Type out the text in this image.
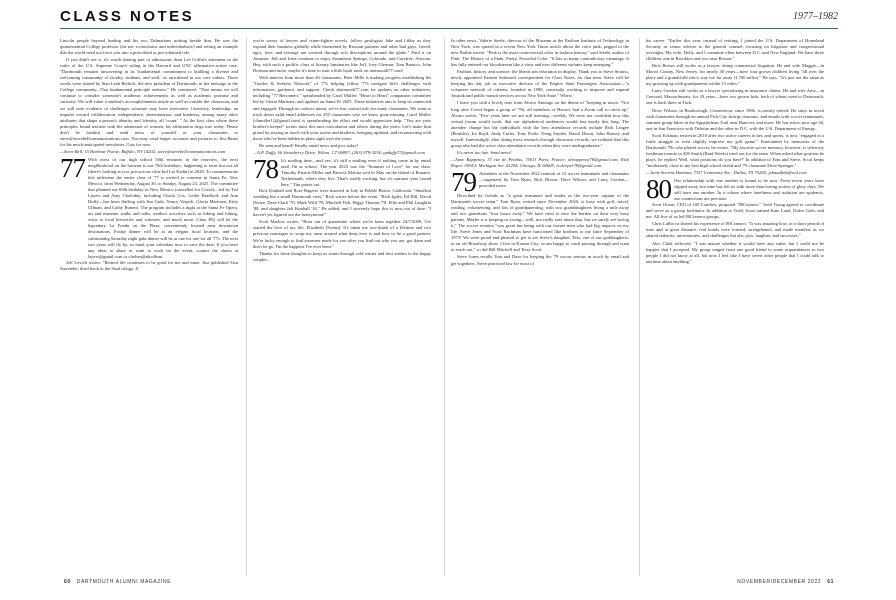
CLASS NOTES	1977–1982

Lincoln people beyond leading and his two Dalmatians trotting beside him. He was the quintessential College professor (for me: iconoclastic and individualistic) and setting an example that the world need not force you into a prescribed or pre-ordained role.

If you didn't see it, it's worth sharing part of admissions dean Lee Coffin's statement in the wake of the U.S. Supreme Court's ruling in the Harvard and UNC affirmative-action case: "Dartmouth remains unwavering in its 'fundamental commitment to building a diverse and welcoming community of faculty, students, and staff,' as articulated in our core values. Those words were shared by Sian Leah Beilock, the new president of Dartmouth, in her message to the College community...That fundamental principle endures." He continued: "That means we will continue to consider someone's academic achievements as well as academic promise and curiosity. We will value a student's accomplishments inside as well as outside the classroom, and we will note evidence of challenges someone may have overcome. Creativity, leadership, an impulse toward collaboration, independence, determination, and kindness, among many other attributes that shape a person's identity and 'identity, all 'count.' " As the first class where these principles found traction with the admission of women, his affirmation rings true today. Please don't be bashful and send news of yourself or your classmates to steve@stevebellcommunications.com. You may send longer accounts and pictures to Jim Barns for his much-anticipated newsletter. Ciao for now.

—Steve Bell, 15 Harbour Pointe, Buffalo, NY 14202; steve@stevebellcommunications.com

77 With most of our high school 50th reunions in the rearview, the next neighborhood on the horizon is our 70th birthdays, happening to most but not all (there's looking at you, precocious whiz kid Liz Kadin) in 2028. To commemorate this milestone the entire class of '77 is invited to convene in Santa Fe, New Mexico, from Wednesday, August 30, to Sunday, August 24, 2025. The committee that planned our 69th birthday in New Mexico (cancelled for Covid)—led by Ted Layers and Amy Cholodny, including Chuck Cox, Leslie Bradford, and Ann Duffy—has been fluffing with Jim Guth, Nancy Vespoli, Gloria Martinez, Kitty Ullman, and Cathy Burnett. The program includes a night at the Santa Fe Opera, art and museum walks and talks, outdoor activities such as biking and hiking, visits to local breweries and wineries, and much more. Class HQ will be the legendary La Fonda on the Plaza, conveniently located near downtown destinations. Friday dinner will be at an elegant local location, and the culminating Saturday night gala dinner will be at one for one for all '77s. The next two years will fly by, so mark your calendars now to save the date. If you have any ideas to share or want to work on the event, contact the chairs at layers@gmail.com or chelsea@nkcdbsm.

Jeff Levich writes: "Retired life continues to be good for me and mine. Just published Sisu Surrender, third book in the Sisal trilogy. If

you're weary of lawyer and crime-fighter novels, follow geologists Jake and Libby as they expand their business globally while threatened by Russian partners and other bad guys. Greed, egos, love, and revenge are weaved through rich descriptions around the globe." Find it on Amazon. Jeff and Lena continue to enjoy Steamboat Springs, Colorado, and Carefree, Arizona. Hey, with such a prolific class of literary luminaries like Jeff, Joey Gleason, Tom Barnico, John Dorman and more, maybe it's time to start a little book nook on dartmouth77.com!

With interest from more than 40 classmates, Peter Mills is making progress establishing his "Guides & Seekers Network" of '77s helping fellow '77s navigate life's challenges with information, guidance, and support. Check dartmouth77.com for updates on other initiatives, including "77 Reconnect," spearheaded by Carol Muller; "Heart to Heart" companion committee led by Gloria Martinez, and updates on Santa Fe 2025. These initiatives aim to keep us connected and engaged. Through no codices intent, we've lost contact info for many classmates. We want to track down valid email addresses for 250 classmates who we know gone missing. Carol Muller (chmuller12@gmail.com) is spearheading the effort and would appreciate help. "You are your brother's keeper" writes most this taut curiculation and others during the years. Let's make him proud by staying in touch with your sisters and brothers, bringing updated, and reconnecting with those who've been hidden in plain sight over the years.

Be seen and heard! Kindly email news and pics today!

—A.P. Duffy, 66 Strawberry Drive, Wilton, CT 06897; (203) 979-3234; apduffy77@gmail.com

78 It's mailing time—and yes, it's still a mailing even if nothing came in by email until I'm at school. The year 2023 was the "Summer of Love" for our class. Timothy Patrick-Miller and Patricia Molina wed in May on the island of Bonaire, Netherlands, where they live. That's totally exciting, but it's summer year 'round here," Tim points out.

Rick Kimball and Rose Bagetto were married in July in Pebble Beach, California. "Smallest wedding but a small Dartmouth crew," Rick writes before the event. "Rick Igdes, Ed Hill, David Dietze, Dave Clark '70, Mark Wild '78, Mitchell Fish, Peggy Thomas '78, Ellie and Phil Laughlin '88, and daughter Jali Kimball '16." He added, and I sincerely hope this is now out of date: "I haven't yet figured out the honeymoon!"

Scott Marlow writes: "Born out of quarantine where we've been together 24/7/2009, I've started the love of my life, Elizabeth [Swinn]. It's taken me two-thirds of a lifetime and two previous marriages to wrap my arms around what deep love is and how to be a good partner. We're lucky enough to find someone made for you after you find out who you are, got them and don't let go. I'm the happiest I've ever been."

Thanks for these thoughts to keep us warm through cold winter and best wishes to the happy couples.

In other news, Valerie Steele, director of the Museum at the Fashion Institute of Technology in New York, was quoted in a recent New York Times article about the color pink, pegged to the new Barbie movie. "Pink is the most controversial color in fashion history," said Steele, author of Pink: The History of a Punk, Pretty, Powerful Color. "It has so many contradictory meanings. It has fully entered our bloodstream like a virus and now different variants keep emerging."

Fashion, history, and science: the liberal arts education in display. Thank you to Steve Strauss, newly appointed Eastern Seaboard correspondent for Class Notes, for that item. Steve will be keeping his day job as executive director of the Empire State Passengers Association—"a volunteer network of citizens, founded in 1980, constantly working to improve and expand Amtrak and public-transit services across New York State." Whew.

I leave you with a lovely note from Alvaro Santiago on the theme of "keeping in touch. "Not long after Covid began a group of '78s, all members of Heorot, had a Zoom call to catch up," Alvaro writes. "Few years later we are still meeting—weekly. We were not confident how this virtual forum would work, that our alphabetical audiences would last nearly this long. The attendee change but the individuals with the best attendance records include Rich Leagee (Boulder), Ira Boyd, Andy Cutler, Tony Poole, Doug Snyder, David Dixon, John Harvey, and myself. Interestingly, after doing most research through electronic records, we realized that this group also had the worst class attendance records when they were undergraduates."

It's never too late. Send news!

—Anne Rappeney, 37 rue de Penthis, 75011 Paris, France; ahrappeney78@gmail.com; Rick Roper, 1904 S. Michigan Ave. #1204, Chicago, IL 60605; rickroper78@gmail.com

79 Attendees at the November 2022 reunion of 12 soccer teammates and classmates—organized by Tom Ryan, Rick Brown, Dave Wilson, and Larry Gordon—provided news.

Described by friends as "a great teammate and leader as the two-year captain of the Dartmouth soccer team," Tom Ryan, retired since December 2020, is busy with golf, travel, reading, volunteering, and lots of grandparenting, with two granddaughters living a mile away and two grandsons "four hours away." We have tried to ease the burden on their very busy parents. Maybe it is keeping us young—well, not really sure about that, but we surely are loving it," The soccer reunion "was great fun being with our former men who had big impacts on my life. Steve Jones and Scott Bachman have functioned like brothers to me since September of 1975! We were proud and pleased to get to see Steve's daughter, Tess, one of our goddaughters, in an off-Broadway show. I live in Kansas City, so am happy to catch passing through and want to reach out," so did Bill Mitchell and Terry Scott.

Steve Jones recalls Tom and Dave for keeping the '79 soccer seniors in touch by email and get-togethers. Steve practiced law for most of

his career. "Earlier this year, instead of retiring, I joined the U.S. Department of Homeland Security as senior adviser to the general counsel, focusing on litigation and congressional oversight. My wife, Holly, and I commute often between D.C. and New England. We have three children, one in Brooklyn and two near Boston."

Rick Brown still works as a lawyer, doing commercial litigation. He and wife Maggie—in Morris County, New Jersey, for nearly 30 years—have four grown children living "all over the place and a grandchild who's way too far away (1,700 miles)." He says, "It's just not the same as my growing up with grandparents within 15 miles."

Larry Gordon still works as a lawyer specializing in insurance claims. He and wife Amy—in Concord, Massachusetts, for 29 years—have two grown kids, both of whom went to Dartmouth, one is back there at Tuck.

Drew Wilson, in Boxborough, Connecticut, since 1986, is mostly retired. He stays in touch with classmates through an annual Pick City skitrip, reunions, and emails with soccer teammates, summer group hikes in the Appalachian Trail near Hanover, and more. He has twins, now age 30, one in San Francisco with Deloitte and the other in D.C. with the U.S. Department of Energy.

Scott Eckman, retired in 2018 after two active careers in law and sports, is now "engaged in a futile struggle to even slightly improve my golf game." Entertained by memories of the Dartmouth '79s who played soccer, he writes, "My favorite soccer memory, however, is when my freshman roomie in 208 Smith (Brad Weeks) tried out for the team. When asked what position he plays, he replied 'Well, what positions do you have?' In addition to Tom and Steve, Scott keeps "moderately close to my best high school friend and '79 classmate Dave Springer."

—Janie Stevens Hammer, 7337 Centenary Ave., Dallas, TX 75205; jshnadfidit@aol.com

80 Our relationship with one another is bound to be now. Forty-seven years have slipped away, but time has left us with more than boring stories of glory days. We still have one another. In a culture where loneliness and isolation are epidemic, our connections are precious.

Scott Ocean, CEO of 100 Coaches, proposed "80Connect." Todd Young agreed to coordinate and serve as a group facilitator. In addition to Todd, Scott trained Kate Lund, Dulce Goth, and me. All five of us led 80Connect groups.

Chris LaRocca shared his experience of 80Connect: "It was amazing how, in a short period of time and at great distance, real bonds were formed, strengthened, and made manifest as we shared setbacks, uncertainties, and challenges but also joys, laughter, and successes."

Alec Clark reflected, "I was unsure whether it would have any value, but I could not be happier that I accepted. My group ranged from one good friend to some acquaintances to two people I did not know at all, but now I feel like I have seven other people that I could talk to anytime about anything."

60 DARTMOUTH ALUMNI MAGAZINE	NOVEMBER/DECEMBER 2022 61
